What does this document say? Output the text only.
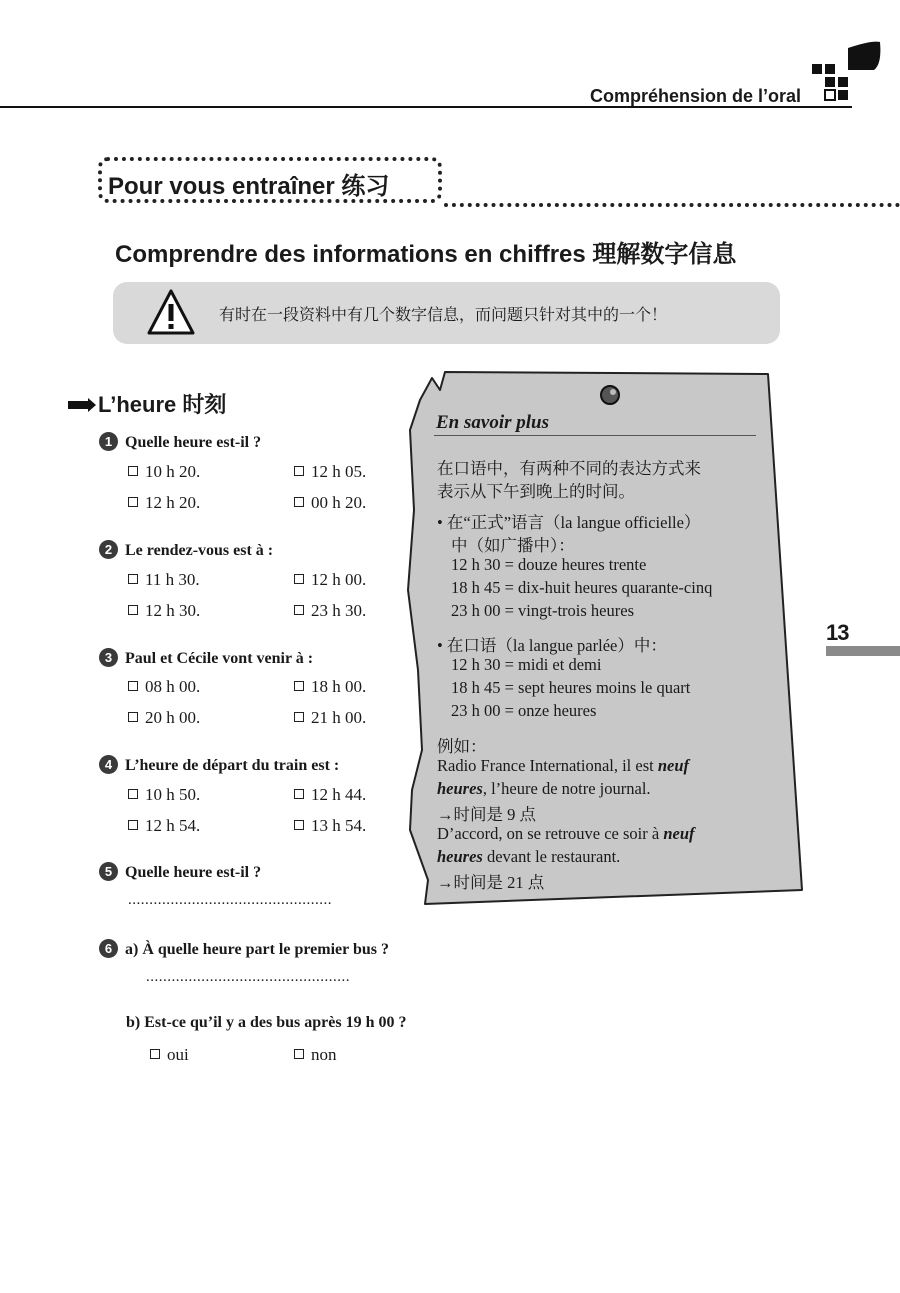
Compréhension de l’oral
Pour vous entraîner 练习
Comprendre des informations en chiffres 理解数字信息
有时在一段资料中有几个数字信息，而问题只针对其中的一个！
L’heure 时刻
1 Quelle heure est-il ?
10 h 20.	12 h 05.
12 h 20.	00 h 20.
2 Le rendez-vous est à :
11 h 30.	12 h 00.
12 h 30.	23 h 30.
3 Paul et Cécile vont venir à :
08 h 00.	18 h 00.
20 h 00.	21 h 00.
4 L’heure de départ du train est :
10 h 50.	12 h 44.
12 h 54.	13 h 54.
5 Quelle heure est-il ?
................................................
6 a) À quelle heure part le premier bus ?
................................................
b) Est-ce qu’il y a des bus après 19 h 00 ?
oui	non
En savoir plus
在口语中，有两种不同的表达方式来
表示从下午到晚上的时间。
• 在“正式”语言（la langue officielle）
中（如广播中）：
12 h 30 = douze heures trente
18 h 45 = dix-huit heures quarante-cinq
23 h 00 = vingt-trois heures
• 在口语（la langue parlée）中：
12 h 30 = midi et demi
18 h 45 = sept heures moins le quart
23 h 00 = onze heures
例如：
Radio France International, il est neuf
heures, l’heure de notre journal.
→时间是 9 点
D’accord, on se retrouve ce soir à neuf
heures devant le restaurant.
→时间是 21 点
13
